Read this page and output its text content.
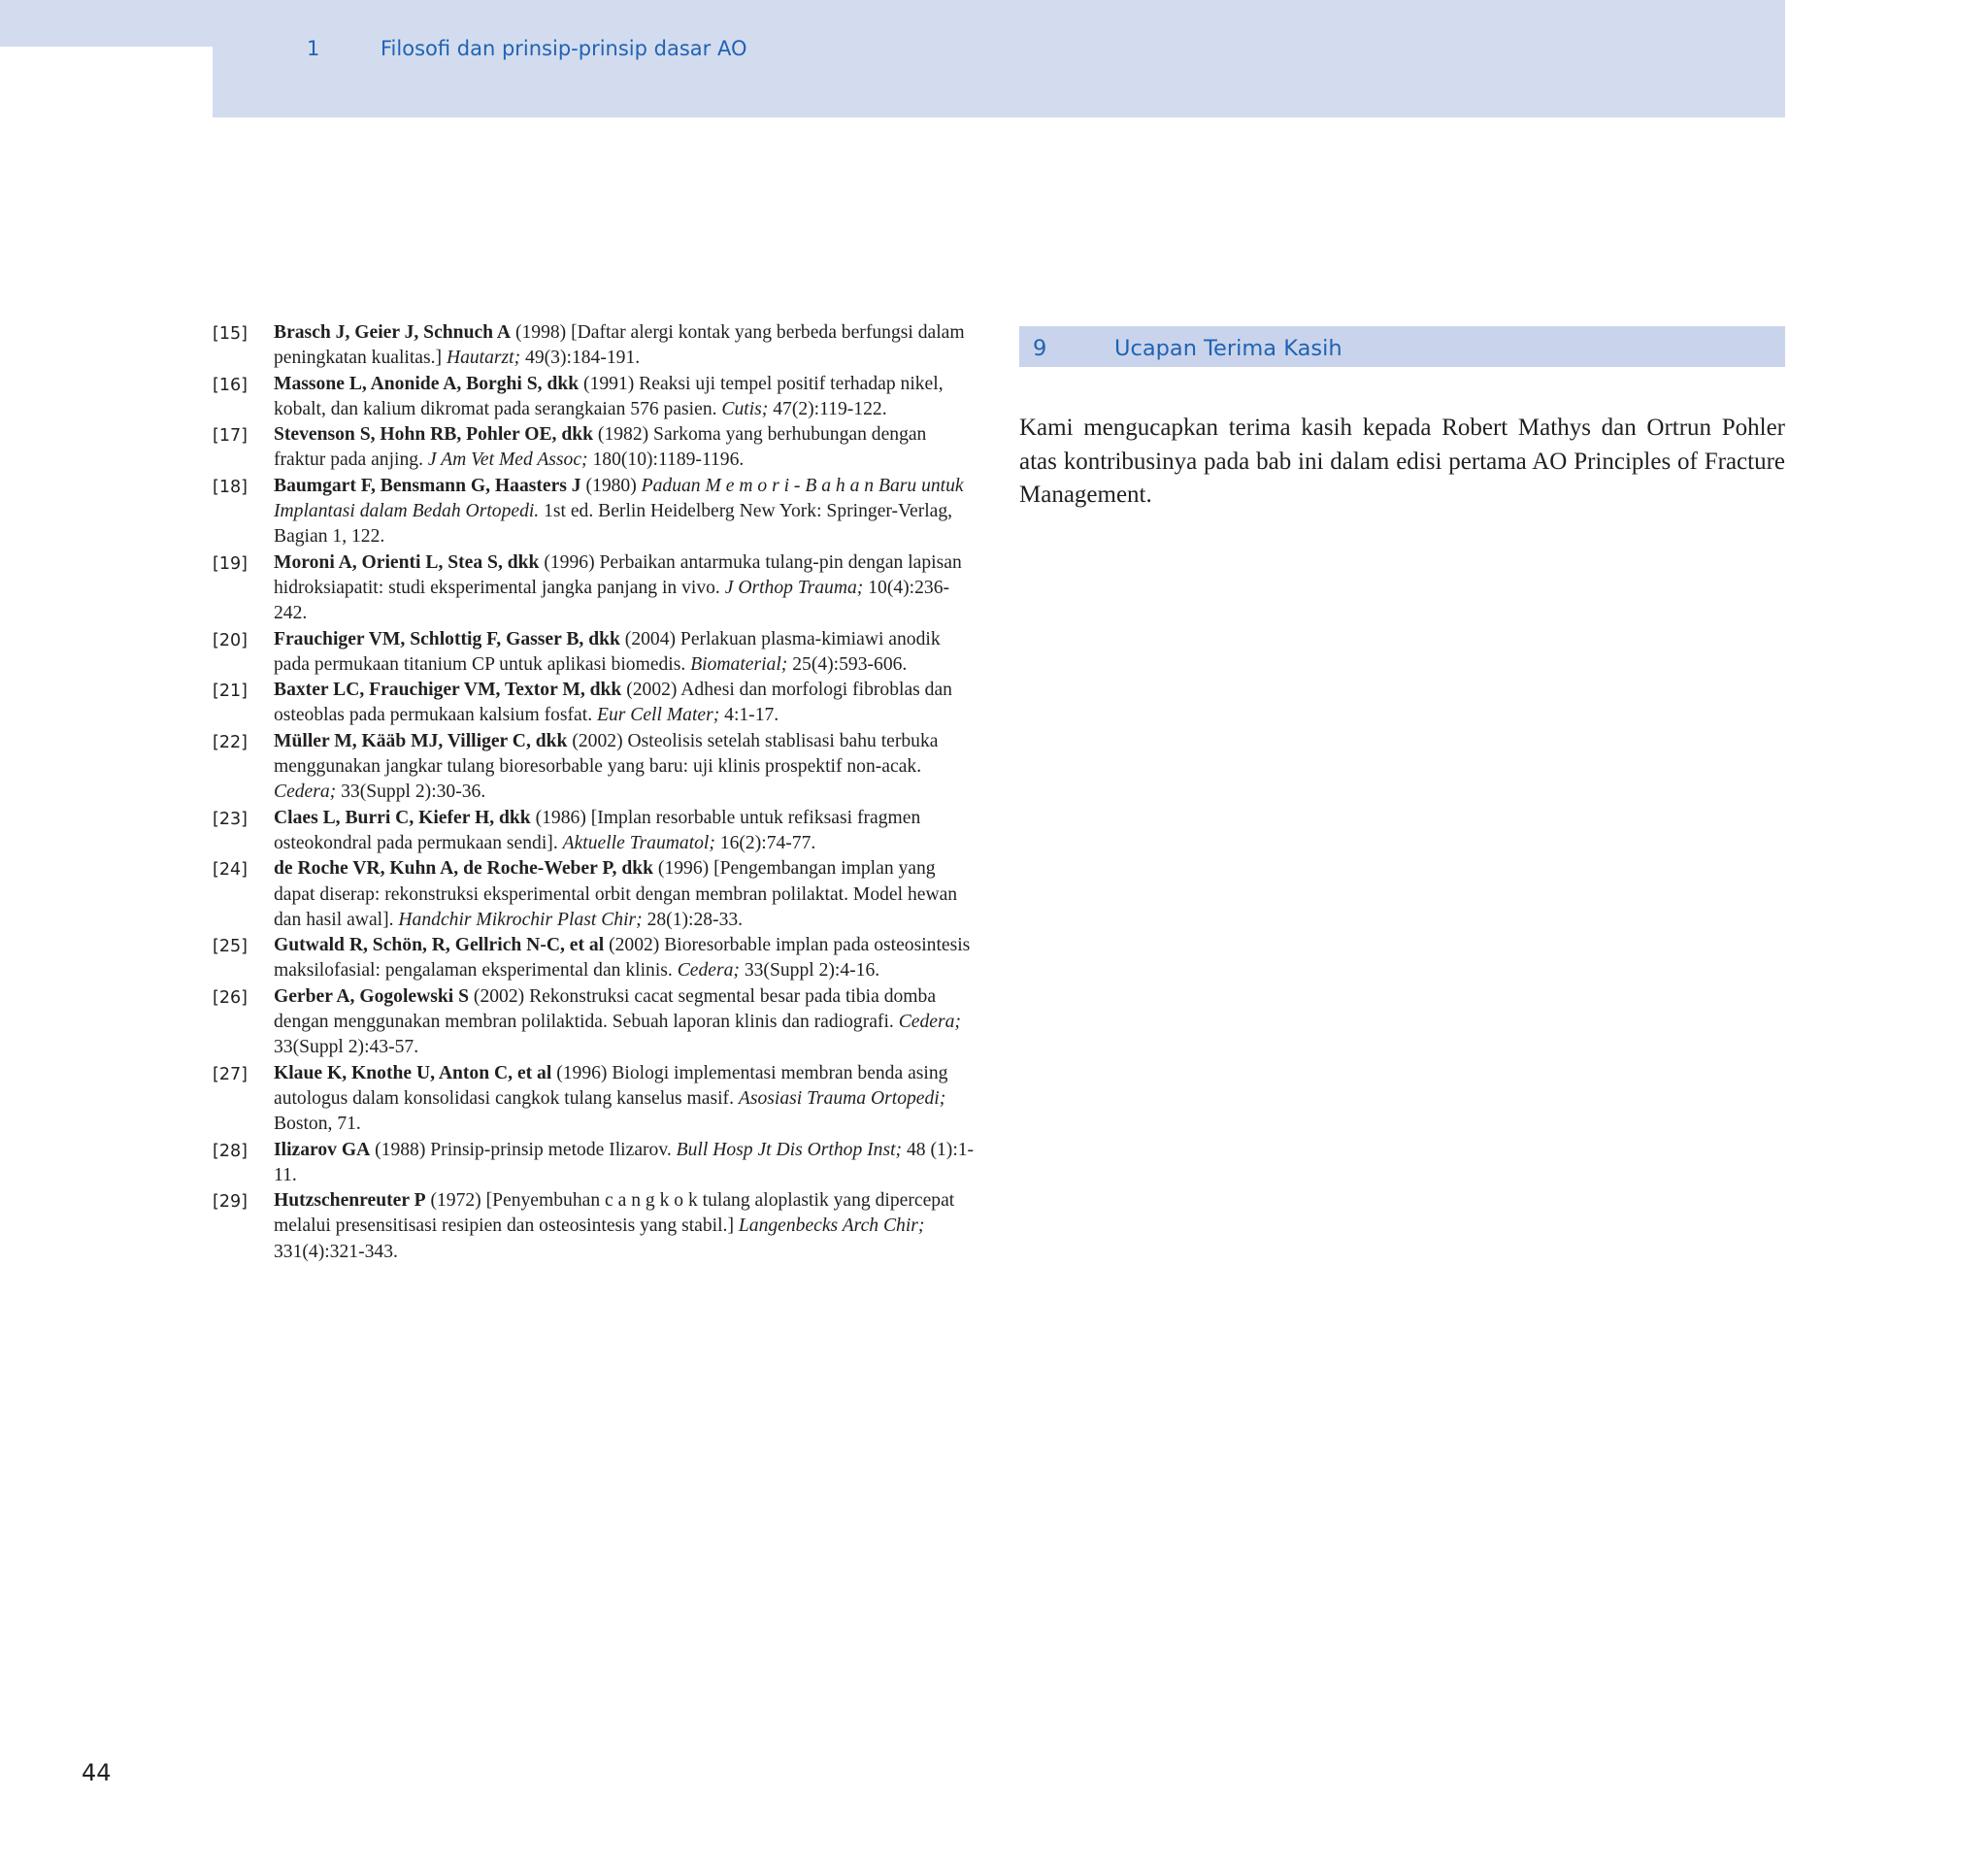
1	Filosofi dan prinsip-prinsip dasar AO
[15]	Brasch J, Geier J, Schnuch A (1998) [Daftar alergi kontak yang berbeda berfungsi dalam peningkatan kualitas.] Hautarzt; 49(3):184-191.
[16]	Massone L, Anonide A, Borghi S, dkk (1991) Reaksi uji tempel positif terhadap nikel, kobalt, dan kalium dikromat pada serangkaian 576 pasien. Cutis; 47(2):119-122.
[17]	Stevenson S, Hohn RB, Pohler OE, dkk (1982) Sarkoma yang berhubungan dengan fraktur pada anjing. J Am Vet Med Assoc; 180(10):1189-1196.
[18]	Baumgart F, Bensmann G, Haasters J (1980) Paduan M e m o r i - B a h a n Baru untuk Implantasi dalam Bedah Ortopedi. 1st ed. Berlin Heidelberg New York: Springer-Verlag, Bagian 1, 122.
[19]	Moroni A, Orienti L, Stea S, dkk (1996) Perbaikan antarmuka tulang-pin dengan lapisan hidroksiapatit: studi eksperimental jangka panjang in vivo. J Orthop Trauma; 10(4):236-242.
[20]	Frauchiger VM, Schlottig F, Gasser B, dkk (2004) Perlakuan plasma-kimiawi anodik pada permukaan titanium CP untuk aplikasi biomedis. Biomaterial; 25(4):593-606.
[21]	Baxter LC, Frauchiger VM, Textor M, dkk (2002) Adhesi dan morfologi fibroblas dan osteoblas pada permukaan kalsium fosfat. Eur Cell Mater; 4:1-17.
[22]	Müller M, Kääb MJ, Villiger C, dkk (2002) Osteolisis setelah stablisasi bahu terbuka menggunakan jangkar tulang bioresorbable yang baru: uji klinis prospektif non-acak. Cedera; 33(Suppl 2):30-36.
[23]	Claes L, Burri C, Kiefer H, dkk (1986) [Implan resorbable untuk refiksasi fragmen osteokondral pada permukaan sendi]. Aktuelle Traumatol; 16(2):74-77.
[24]	de Roche VR, Kuhn A, de Roche-Weber P, dkk (1996) [Pengembangan implan yang dapat diserap: rekonstruksi eksperimental orbit dengan membran polilaktat. Model hewan dan hasil awal]. Handchir Mikrochir Plast Chir; 28(1):28-33.
[25]	Gutwald R, Schön, R, Gellrich N-C, et al (2002) Bioresorbable implan pada osteosintesis maksilofasial: pengalaman eksperimental dan klinis. Cedera; 33(Suppl 2):4-16.
[26]	Gerber A, Gogolewski S (2002) Rekonstruksi cacat segmental besar pada tibia domba dengan menggunakan membran polilaktida. Sebuah laporan klinis dan radiografi. Cedera; 33(Suppl 2):43-57.
[27]	Klaue K, Knothe U, Anton C, et al (1996) Biologi implementasi membran benda asing autologus dalam konsolidasi cangkok tulang kanselus masif. Asosiasi Trauma Ortopedi; Boston, 71.
[28]	Ilizarov GA (1988) Prinsip-prinsip metode Ilizarov. Bull Hosp Jt Dis Orthop Inst; 48 (1):1-11.
[29]	Hutzschenreuter P (1972) [Penyembuhan c a n g k o k tulang aloplastik yang dipercepat melalui presensitisasi resipien dan osteosintesis yang stabil.] Langenbecks Arch Chir; 331(4):321-343.
9	Ucapan Terima Kasih
Kami mengucapkan terima kasih kepada Robert Mathys dan Ortrun Pohler atas kontribusinya pada bab ini dalam edisi pertama AO Principles of Fracture Management.
44
